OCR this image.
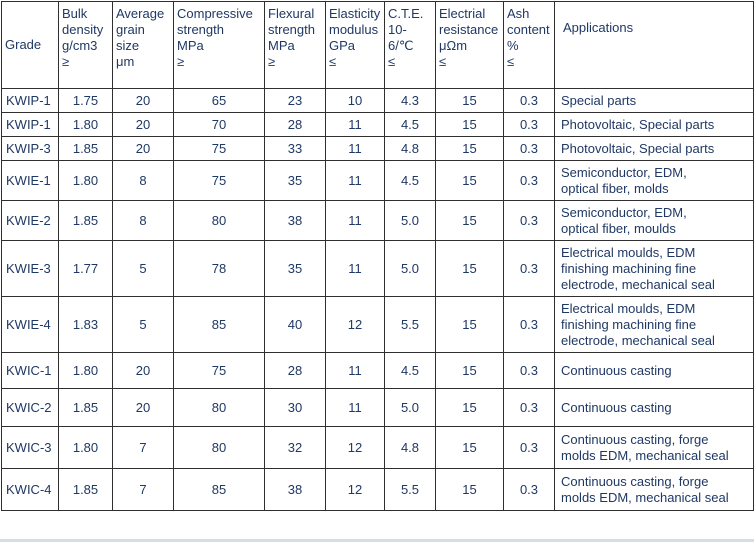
Grade	Bulk
density
g/cm3
≥	Average
grain
size
μm	Compressive
strength
MPa
≥	Flexural
strength
MPa
≥	Elasticity
modulus
GPa
≤	C.T.E.
10-6/℃
≤	Electrial
resistance
μΩm
≤	Ash
content
%
≤	Applications
KWIP-1	1.75	20	65	23	10	4.3	15	0.3	Special parts
KWIP-1	1.80	20	70	28	11	4.5	15	0.3	Photovoltaic, Special parts
KWIP-3	1.85	20	75	33	11	4.8	15	0.3	Photovoltaic, Special parts
KWIE-1	1.80	8	75	35	11	4.5	15	0.3	Semiconductor, EDM,
optical fiber, molds
KWIE-2	1.85	8	80	38	11	5.0	15	0.3	Semiconductor, EDM,
optical fiber, moulds
KWIE-3	1.77	5	78	35	11	5.0	15	0.3	Electrical moulds, EDM
finishing machining fine
electrode, mechanical seal
KWIE-4	1.83	5	85	40	12	5.5	15	0.3	Electrical moulds, EDM
finishing machining fine
electrode, mechanical seal
KWIC-1	1.80	20	75	28	11	4.5	15	0.3	Continuous casting
KWIC-2	1.85	20	80	30	11	5.0	15	0.3	Continuous casting
KWIC-3	1.80	7	80	32	12	4.8	15	0.3	Continuous casting, forge
molds EDM, mechanical seal
KWIC-4	1.85	7	85	38	12	5.5	15	0.3	Continuous casting, forge
molds EDM, mechanical seal
